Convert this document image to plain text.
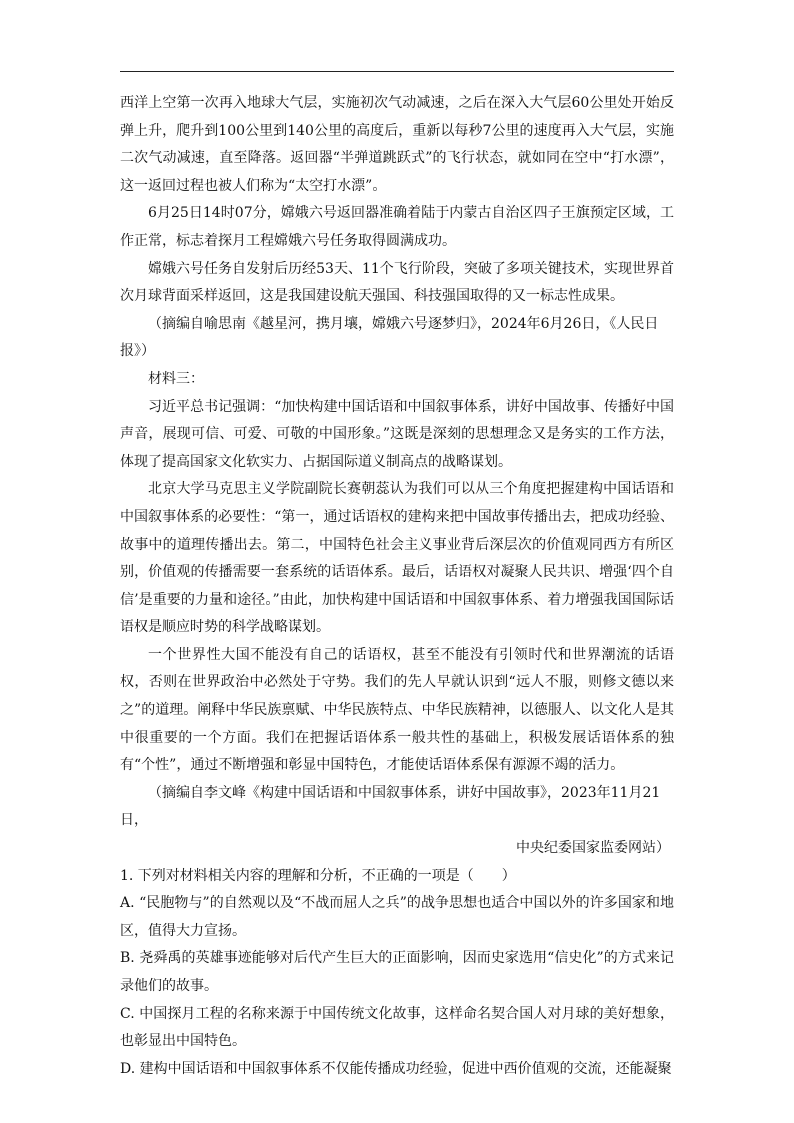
西洋上空第一次再入地球大气层，实施初次气动减速，之后在深入大气层60公里处开始反弹上升，爬升到100公里到140公里的高度后，重新以每秒7公里的速度再入大气层，实施二次气动减速，直至降落。返回器“半弹道跳跃式”的飞行状态，就如同在空中“打水漂”，这一返回过程也被人们称为“太空打水漂”。

6月25日14时07分，嫦娥六号返回器准确着陆于内蒙古自治区四子王旗预定区域，工作正常，标志着探月工程嫦娥六号任务取得圆满成功。

嫦娥六号任务自发射后历经53天、11个飞行阶段，突破了多项关键技术，实现世界首次月球背面采样返回，这是我国建设航天强国、科技强国取得的又一标志性成果。

（摘编自喻思南《越星河，携月壤，嫦娥六号逐梦归》，2024年6月26日，《人民日报》）

材料三：

习近平总书记强调：“加快构建中国话语和中国叙事体系，讲好中国故事、传播好中国声音，展现可信、可爱、可敬的中国形象。”这既是深刻的思想理念又是务实的工作方法，体现了提高国家文化软实力、占据国际道义制高点的战略谋划。

北京大学马克思主义学院副院长赛朝蕊认为我们可以从三个角度把握建构中国话语和中国叙事体系的必要性：“第一，通过话语权的建构来把中国故事传播出去，把成功经验、故事中的道理传播出去。第二，中国特色社会主义事业背后深层次的价值观同西方有所区别，价值观的传播需要一套系统的话语体系。最后，话语权对凝聚人民共识、增强‘四个自信’是重要的力量和途径。”由此，加快构建中国话语和中国叙事体系、着力增强我国国际话语权是顺应时势的科学战略谋划。

一个世界性大国不能没有自己的话语权，甚至不能没有引领时代和世界潮流的话语权，否则在世界政治中必然处于守势。我们的先人早就认识到“远人不服，则修文德以来之”的道理。阐释中华民族禀赋、中华民族特点、中华民族精神，以德服人、以文化人是其中很重要的一个方面。我们在把握话语体系一般共性的基础上，积极发展话语体系的独有“个性”，通过不断增强和彰显中国特色，才能使话语体系保有源源不竭的活力。

（摘编自李文峰《构建中国话语和中国叙事体系，讲好中国故事》，2023年11月21日，

中央纪委国家监委网站）

1. 下列对材料相关内容的理解和分析，不正确的一项是（　　）

A. “民胞物与”的自然观以及“不战而屈人之兵”的战争思想也适合中国以外的许多国家和地区，值得大力宣扬。

B. 尧舜禹的英雄事迹能够对后代产生巨大的正面影响，因而史家选用“信史化”的方式来记录他们的故事。

C. 中国探月工程的名称来源于中国传统文化故事，这样命名契合国人对月球的美好想象，也彰显出中国特色。

D. 建构中国话语和中国叙事体系不仅能传播成功经验，促进中西价值观的交流，还能凝聚
